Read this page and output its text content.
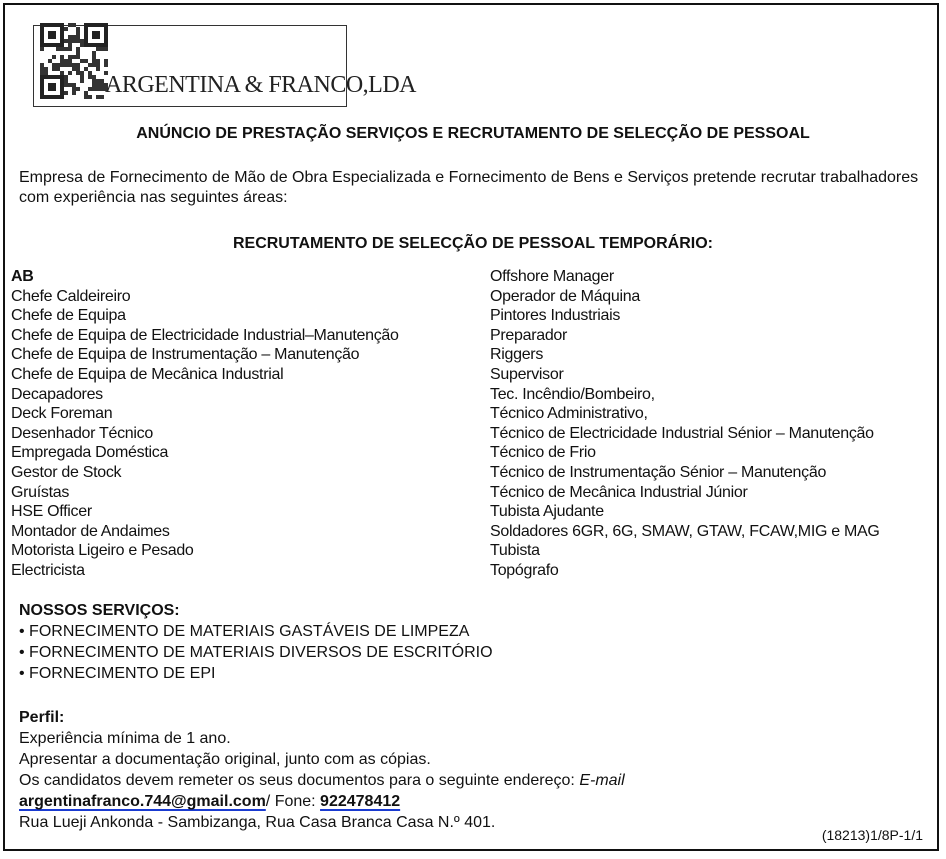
ARGENTINA & FRANCO,LDA
ANÚNCIO DE PRESTAÇÃO SERVIÇOS E RECRUTAMENTO DE SELECÇÃO DE PESSOAL
Empresa de Fornecimento de Mão de Obra Especializada e Fornecimento de Bens e Serviços pretende recrutar trabalhadores com experiência nas seguintes áreas:
RECRUTAMENTO DE SELECÇÃO DE PESSOAL TEMPORÁRIO:
AB
Chefe Caldeireiro
Chefe de Equipa
Chefe de Equipa de Electricidade Industrial–Manutenção
Chefe de Equipa de Instrumentação – Manutenção
Chefe de Equipa de Mecânica Industrial
Decapadores
Deck Foreman
Desenhador Técnico
Empregada Doméstica
Gestor de Stock
Gruístas
HSE Officer
Montador de Andaimes
Motorista Ligeiro e Pesado
Electricista
Offshore Manager
Operador de Máquina
Pintores Industriais
Preparador
Riggers
Supervisor
Tec. Incêndio/Bombeiro,
Técnico Administrativo,
Técnico de Electricidade Industrial Sénior – Manutenção
Técnico de Frio
Técnico de Instrumentação Sénior – Manutenção
Técnico de Mecânica Industrial Júnior
Tubista Ajudante
Soldadores 6GR, 6G, SMAW, GTAW, FCAW,MIG e MAG
Tubista
Topógrafo
NOSSOS SERVIÇOS:
• FORNECIMENTO DE MATERIAIS GASTÁVEIS DE LIMPEZA
• FORNECIMENTO DE MATERIAIS DIVERSOS DE ESCRITÓRIO
• FORNECIMENTO DE EPI
Perfil:
Experiência mínima de 1 ano.
Apresentar a documentação original, junto com as cópias.
Os candidatos devem remeter os seus documentos para o seguinte endereço: E-mail
argentinafranco.744@gmail.com/ Fone: 922478412
Rua Lueji Ankonda - Sambizanga, Rua Casa Branca Casa N.º 401.
(18213)1/8P-1/1
